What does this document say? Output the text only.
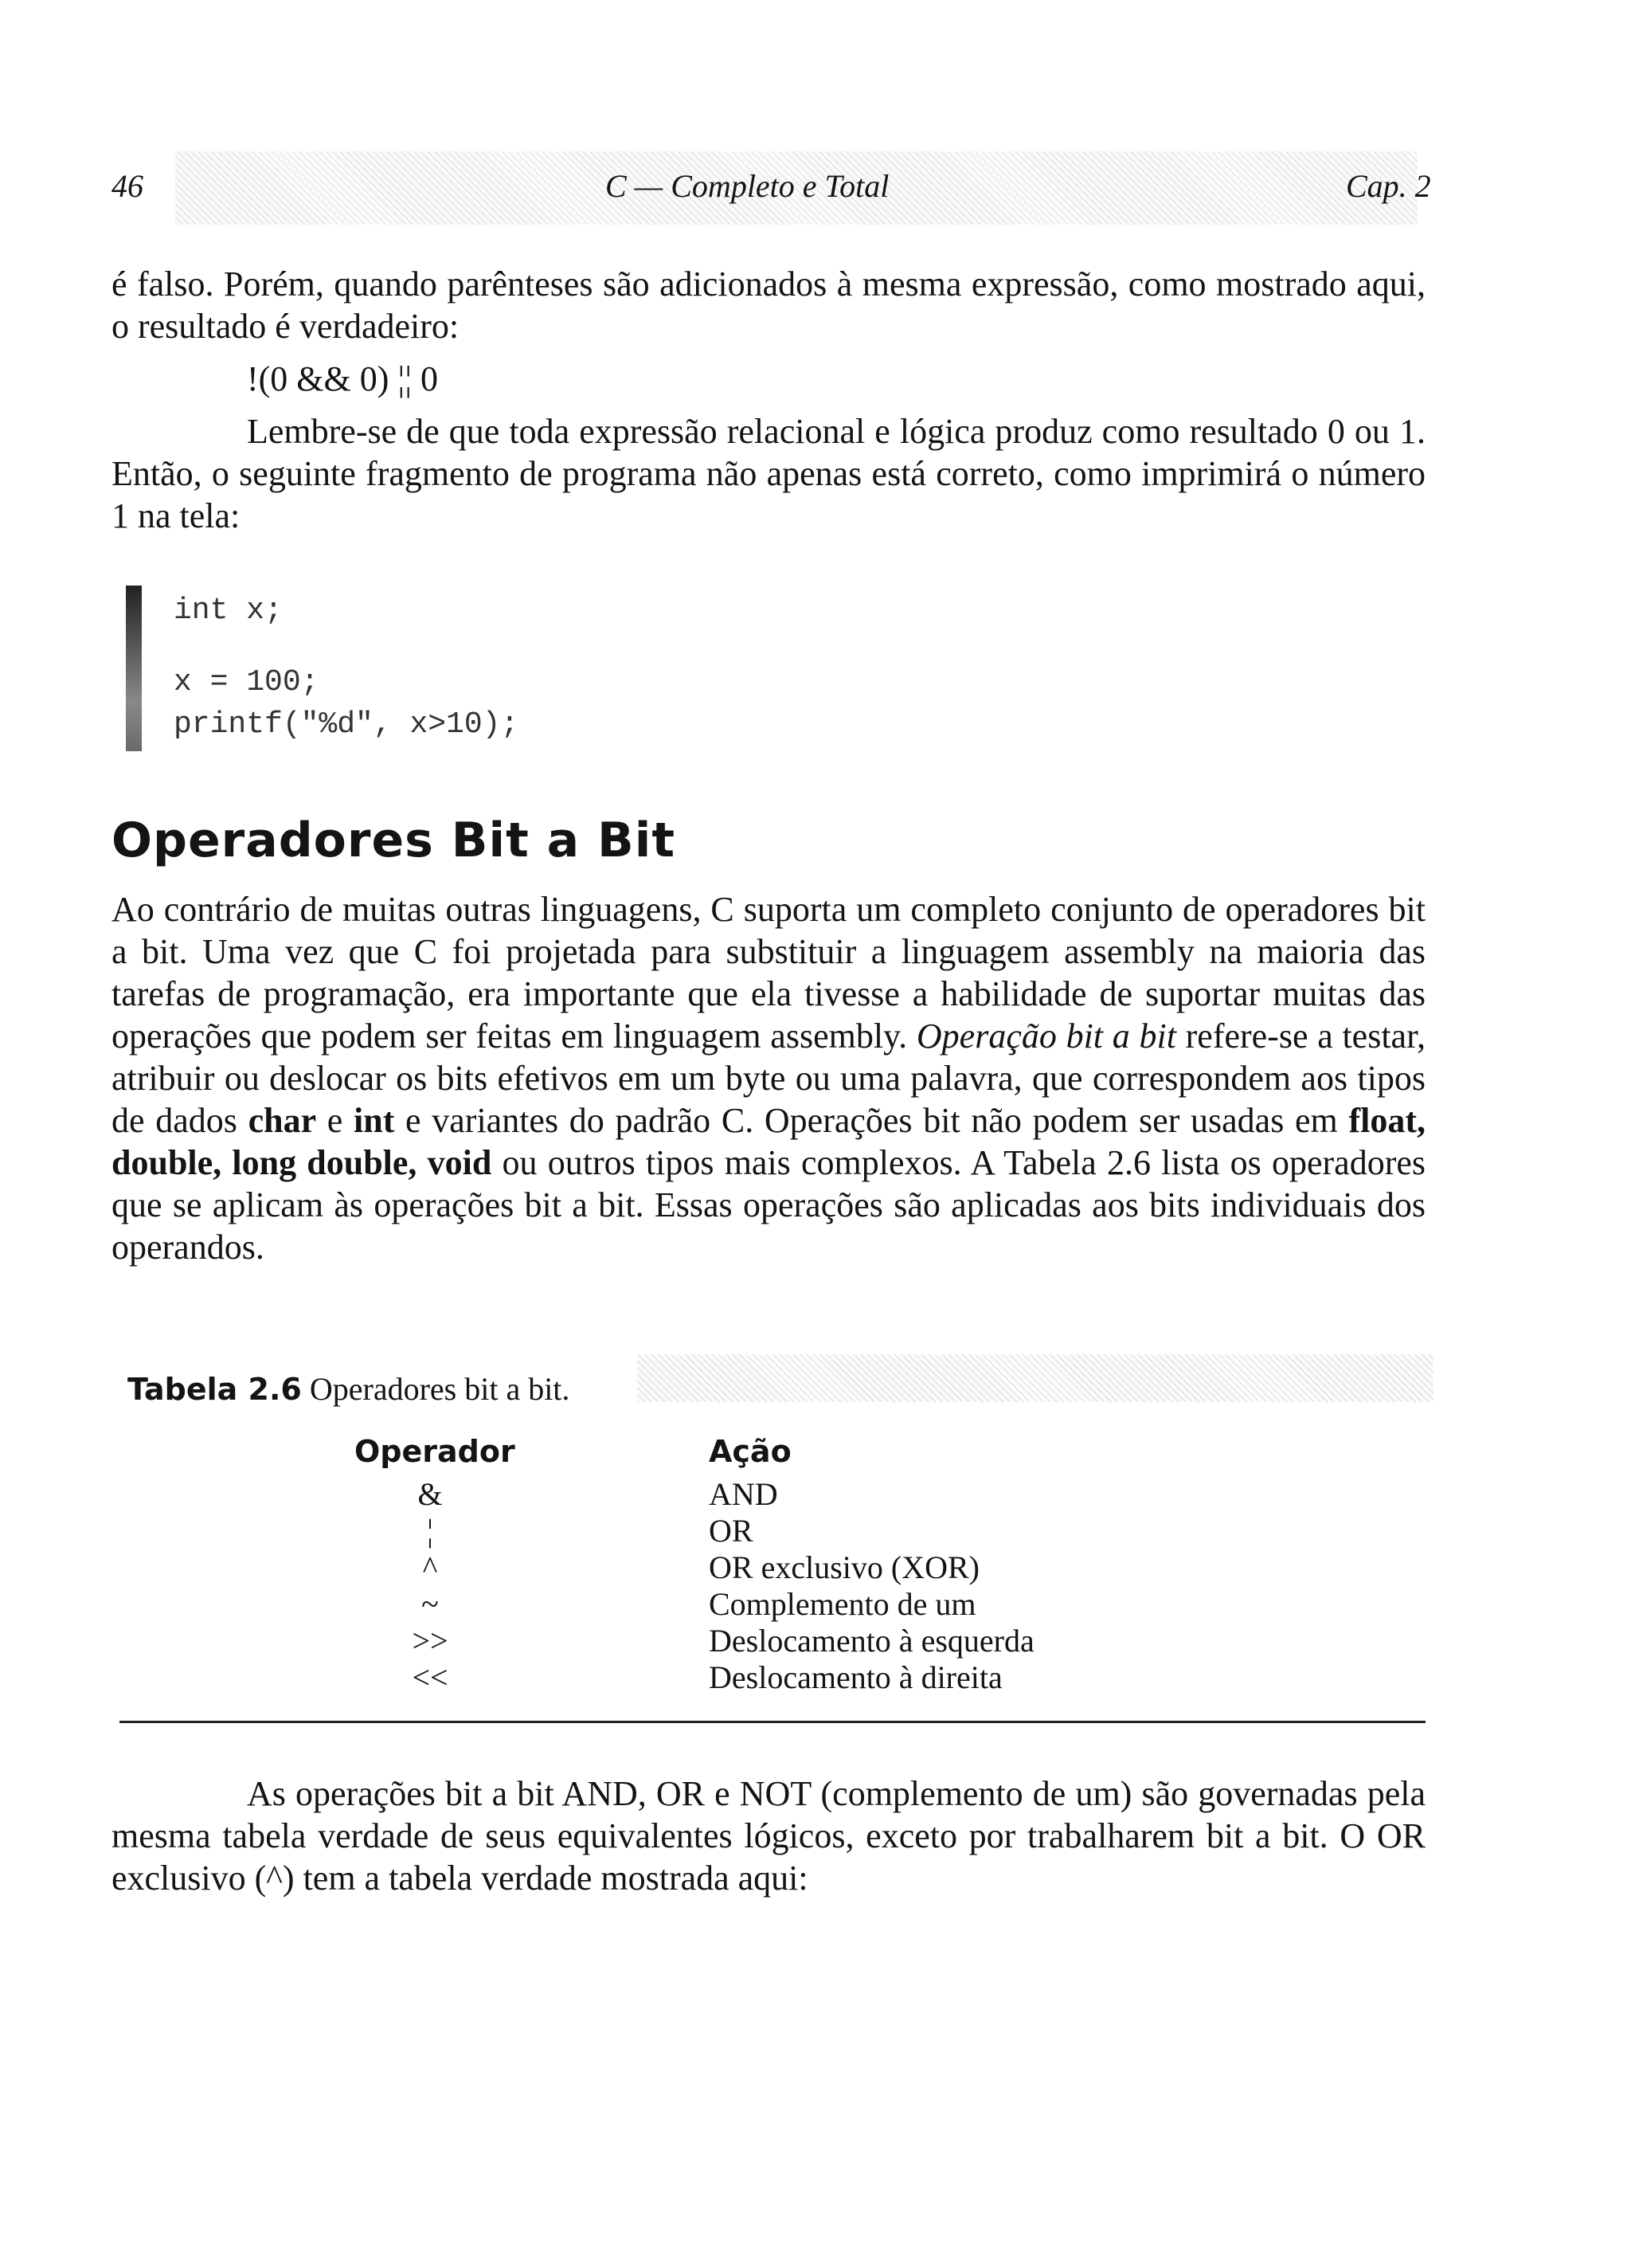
46	C — Completo e Total	Cap. 2
é falso. Porém, quando parênteses são adicionados à mesma expressão, como mostrado aqui, o resultado é verdadeiro:
!(0 && 0) ¦¦ 0
Lembre-se de que toda expressão relacional e lógica produz como resultado 0 ou 1. Então, o seguinte fragmento de programa não apenas está correto, como imprimirá o número 1 na tela:
int x;
x = 100;
printf("%d", x>10);
Operadores Bit a Bit
Ao contrário de muitas outras linguagens, C suporta um completo conjunto de operadores bit a bit. Uma vez que C foi projetada para substituir a linguagem assembly na maioria das tarefas de programação, era importante que ela tivesse a habilidade de suportar muitas das operações que podem ser feitas em linguagem assembly. Operação bit a bit refere-se a testar, atribuir ou deslocar os bits efetivos em um byte ou uma palavra, que correspondem aos tipos de dados char e int e variantes do padrão C. Operações bit não podem ser usadas em float, double, long double, void ou outros tipos mais complexos. A Tabela 2.6 lista os operadores que se aplicam às operações bit a bit. Essas operações são aplicadas aos bits individuais dos operandos.
Tabela 2.6 Operadores bit a bit.
Operador	Ação
&	AND
¦	OR
^	OR exclusivo (XOR)
~	Complemento de um
>>	Deslocamento à esquerda
<<	Deslocamento à direita
As operações bit a bit AND, OR e NOT (complemento de um) são governadas pela mesma tabela verdade de seus equivalentes lógicos, exceto por trabalharem bit a bit. O OR exclusivo (^) tem a tabela verdade mostrada aqui:
